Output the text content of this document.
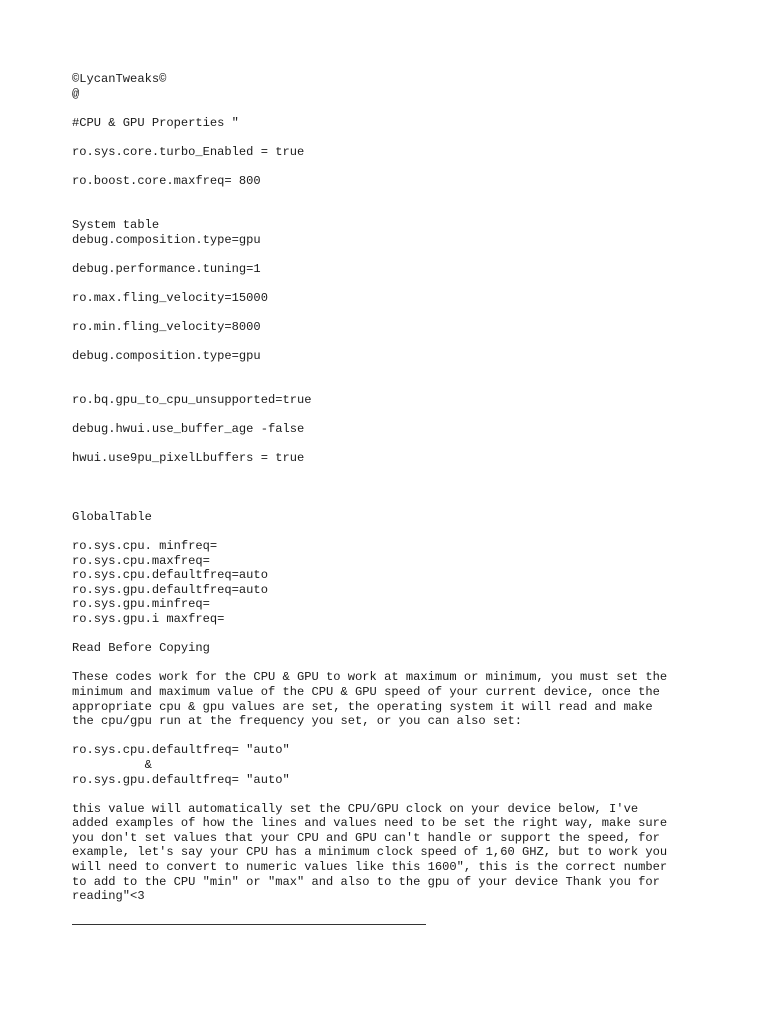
©LycanTweaks©
@
#CPU & GPU Properties "
ro.sys.core.turbo_Enabled = true
ro.boost.core.maxfreq= 800
System table
debug.composition.type=gpu
debug.performance.tuning=1
ro.max.fling_velocity=15000
ro.min.fling_velocity=8000
debug.composition.type=gpu
ro.bq.gpu_to_cpu_unsupported=true
debug.hwui.use_buffer_age -false
hwui.use9pu_pixelLbuffers = true
GlobalTable
ro.sys.cpu. minfreq=
ro.sys.cpu.maxfreq=
ro.sys.cpu.defaultfreq=auto
ro.sys.gpu.defaultfreq=auto
ro.sys.gpu.minfreq=
ro.sys.gpu.i maxfreq=
Read Before Copying
These codes work for the CPU & GPU to work at maximum or minimum, you must set the
minimum and maximum value of the CPU & GPU speed of your current device, once the
appropriate cpu & gpu values are set, the operating system it will read and make
the cpu/gpu run at the frequency you set, or you can also set:
ro.sys.cpu.defaultfreq= "auto"
&
ro.sys.gpu.defaultfreq= "auto"
this value will automatically set the CPU/GPU clock on your device below, I've
added examples of how the lines and values need to be set the right way, make sure
you don't set values that your CPU and GPU can't handle or support the speed, for
example, let's say your CPU has a minimum clock speed of 1,60 GHZ, but to work you
will need to convert to numeric values like this 1600", this is the correct number
to add to the CPU "min" or "max" and also to the gpu of your device Thank you for
reading"<3
